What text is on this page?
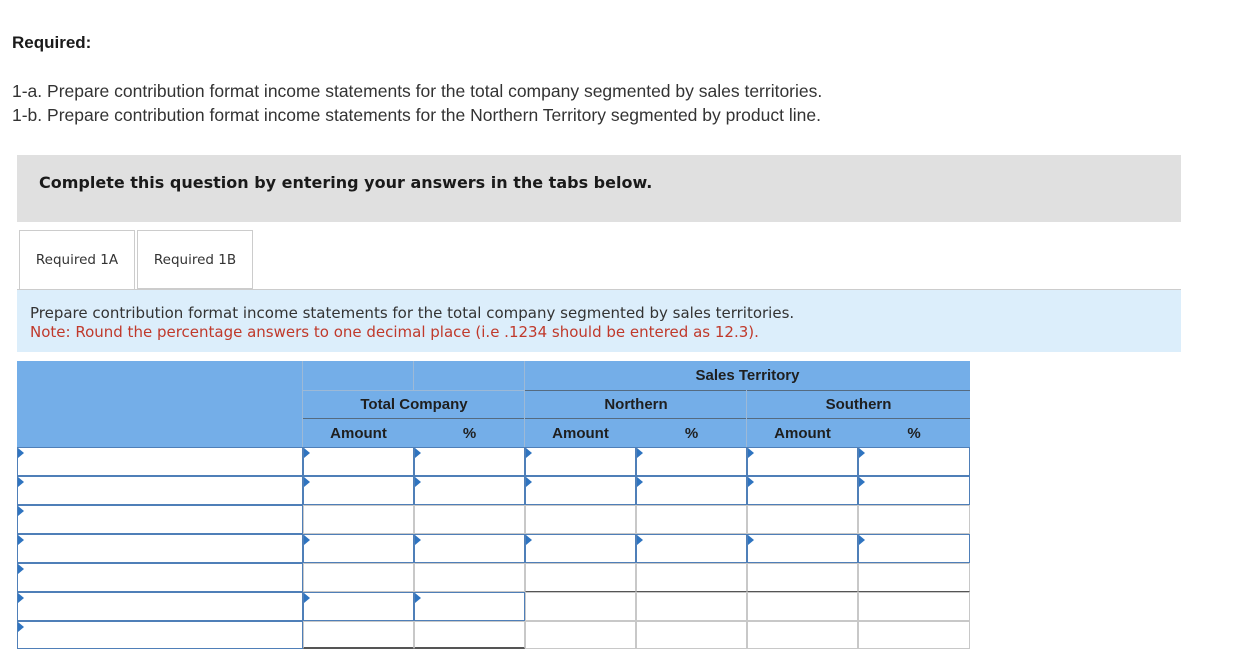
Required:
1-a. Prepare contribution format income statements for the total company segmented by sales territories.
1-b. Prepare contribution format income statements for the Northern Territory segmented by product line.
Complete this question by entering your answers in the tabs below.
Required 1A	Required 1B
Prepare contribution format income statements for the total company segmented by sales territories.
Note: Round the percentage answers to one decimal place (i.e .1234 should be entered as 12.3).
Sales Territory
Total Company	Northern	Southern
Amount	%	Amount	%	Amount	%
